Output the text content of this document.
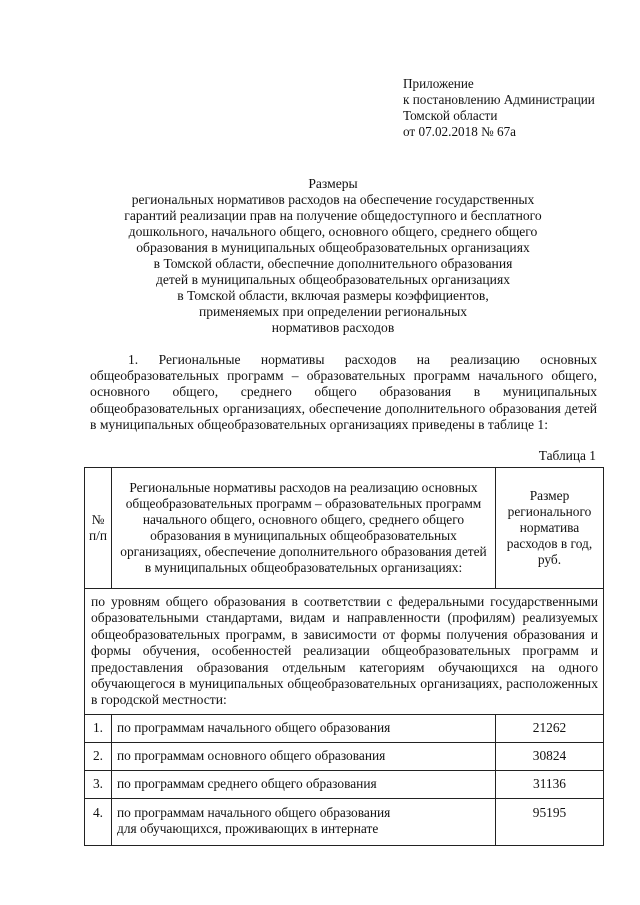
Приложение
к постановлению Администрации
Томской области
от 07.02.2018 № 67а
Размеры
региональных нормативов расходов на обеспечение государственных
гарантий реализации прав на получение общедоступного и бесплатного
дошкольного, начального общего, основного общего, среднего общего
образования в муниципальных общеобразовательных организациях
в Томской области, обеспечние дополнительного образования
детей в муниципальных общеобразовательных организациях
в Томской области, включая размеры коэффициентов,
применяемых при определении региональных
нормативов расходов
1. Региональные нормативы расходов на реализацию основных общеобразовательных программ – образовательных программ начального общего, основного общего, среднего общего образования в муниципальных общеобразовательных организациях, обеспечение дополнительного образования детей в муниципальных общеобразовательных организациях приведены в таблице 1:
Таблица 1
№ п/п	Региональные нормативы расходов на реализацию основных общеобразовательных программ – образовательных программ начального общего, основного общего, среднего общего образования в муниципальных общеобразовательных организациях, обеспечение дополнительного образования детей в муниципальных общеобразовательных организациях:	Размер регионального норматива расходов в год, руб.
по уровням общего образования в соответствии с федеральными государственными образовательными стандартами, видам и направленности (профилям) реализуемых общеобразовательных программ, в зависимости от формы получения образования и формы обучения, особенностей реализации общеобразовательных программ и предоставления образования отдельным категориям обучающихся на одного обучающегося в муниципальных общеобразовательных организациях, расположенных в городской местности:		
1.	по программам начального общего образования	21262
2.	по программам основного общего образования	30824
3.	по программам среднего общего образования	31136
4.	по программам начального общего образования
для обучающихся, проживающих в интернате	95195
